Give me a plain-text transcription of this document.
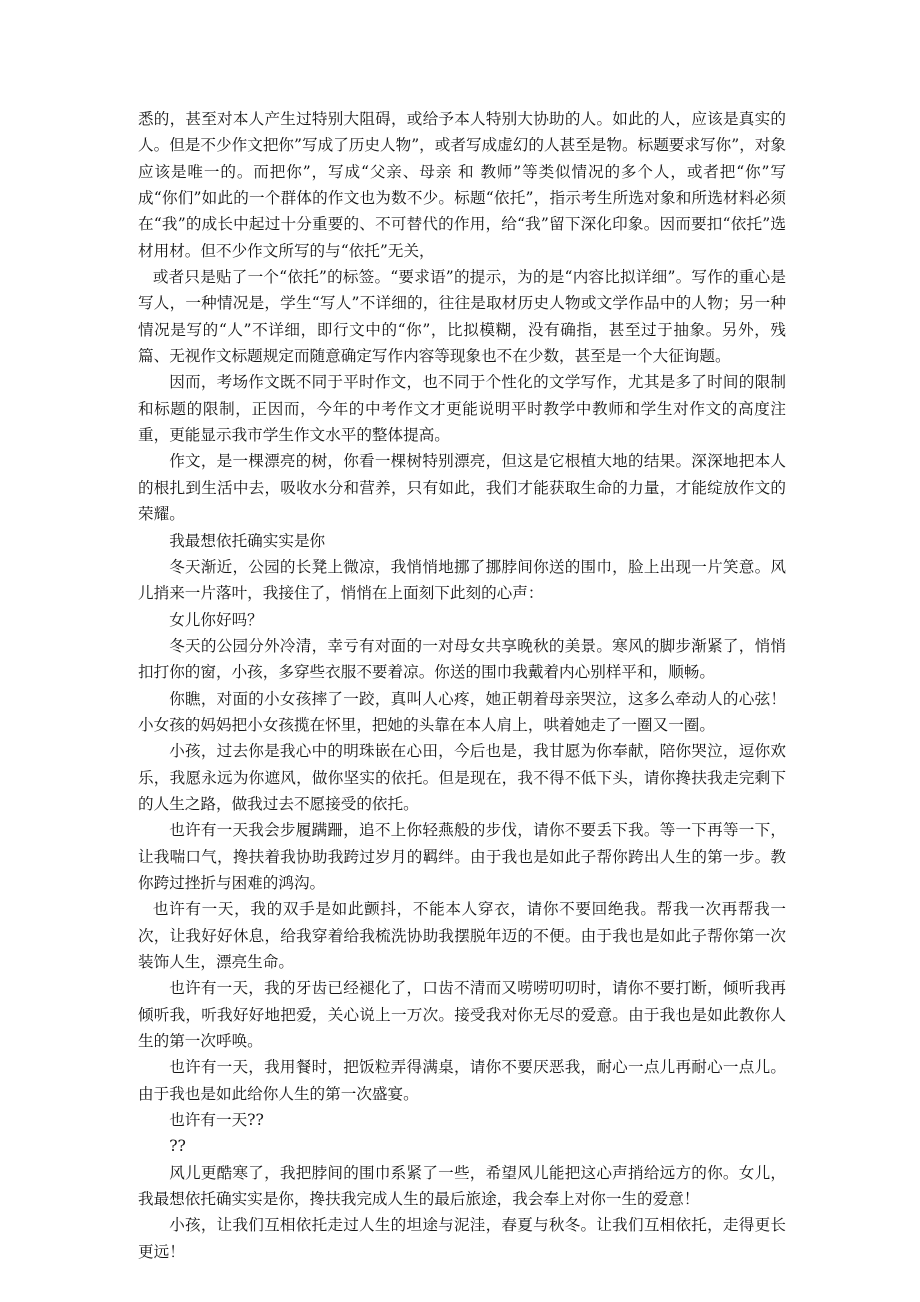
悉的，甚至对本人产生过特别大阻碍，或给予本人特别大协助的人。如此的人，应该是真实的人。但是不少作文把你”写成了历史人物”，或者写成虚幻的人甚至是物。标题要求写你”，对象应该是唯一的。而把你”，写成“父亲、母亲 和 教师”等类似情况的多个人，或者把“你”写成“你们”如此的一个群体的作文也为数不少。标题“依托”，指示考生所选对象和所选材料必须在“我”的成长中起过十分重要的、不可替代的作用，给“我”留下深化印象。因而要扣“依托”选材用材。但不少作文所写的与“依托”无关，

或者只是贴了一个“依托”的标签。“要求语”的提示，为的是“内容比拟详细”。写作的重心是写人，一种情况是，学生“写人”不详细的，往往是取材历史人物或文学作品中的人物；另一种情况是写的“人”不详细，即行文中的“你”，比拟模糊，没有确指，甚至过于抽象。另外，残篇、无视作文标题规定而随意确定写作内容等现象也不在少数，甚至是一个大征询题。

因而，考场作文既不同于平时作文，也不同于个性化的文学写作，尤其是多了时间的限制和标题的限制，正因而，今年的中考作文才更能说明平时教学中教师和学生对作文的高度注重，更能显示我市学生作文水平的整体提高。

作文，是一棵漂亮的树，你看一棵树特别漂亮，但这是它根植大地的结果。深深地把本人的根扎到生活中去，吸收水分和营养，只有如此，我们才能获取生命的力量，才能绽放作文的荣耀。

我最想依托确实实是你

冬天渐近，公园的长凳上微凉，我悄悄地挪了挪脖间你送的围巾，脸上出现一片笑意。风儿捎来一片落叶，我接住了，悄悄在上面刻下此刻的心声：

女儿你好吗？

冬天的公园分外冷清，幸亏有对面的一对母女共享晚秋的美景。寒风的脚步渐紧了，悄悄扣打你的窗，小孩，多穿些衣服不要着凉。你送的围巾我戴着内心别样平和，顺畅。

你瞧，对面的小女孩摔了一跤，真叫人心疼，她正朝着母亲哭泣，这多么牵动人的心弦！小女孩的妈妈把小女孩揽在怀里，把她的头靠在本人肩上，哄着她走了一圈又一圈。

小孩，过去你是我心中的明珠嵌在心田，今后也是，我甘愿为你奉献，陪你哭泣，逗你欢乐，我愿永远为你遮风，做你坚实的依托。但是现在，我不得不低下头，请你搀扶我走完剩下的人生之路，做我过去不愿接受的依托。

也许有一天我会步履蹒跚，追不上你轻燕般的步伐，请你不要丢下我。等一下再等一下，让我喘口气，搀扶着我协助我跨过岁月的羁绊。由于我也是如此子帮你跨出人生的第一步。教你跨过挫折与困难的鸿沟。

也许有一天，我的双手是如此颤抖，不能本人穿衣，请你不要回绝我。帮我一次再帮我一次，让我好好休息，给我穿着给我梳洗协助我摆脱年迈的不便。由于我也是如此子帮你第一次装饰人生，漂亮生命。

也许有一天，我的牙齿已经褪化了，口齿不清而又唠唠叨叨时，请你不要打断，倾听我再倾听我，听我好好地把爱，关心说上一万次。接受我对你无尽的爱意。由于我也是如此教你人生的第一次呼唤。

也许有一天，我用餐时，把饭粒弄得满桌，请你不要厌恶我，耐心一点儿再耐心一点儿。由于我也是如此给你人生的第一次盛宴。

也许有一天??

??

风儿更酷寒了，我把脖间的围巾系紧了一些，希望风儿能把这心声捎给远方的你。女儿，我最想依托确实实是你，搀扶我完成人生的最后旅途，我会奉上对你一生的爱意！

小孩，让我们互相依托走过人生的坦途与泥洼，春夏与秋冬。让我们互相依托，走得更长更远！
